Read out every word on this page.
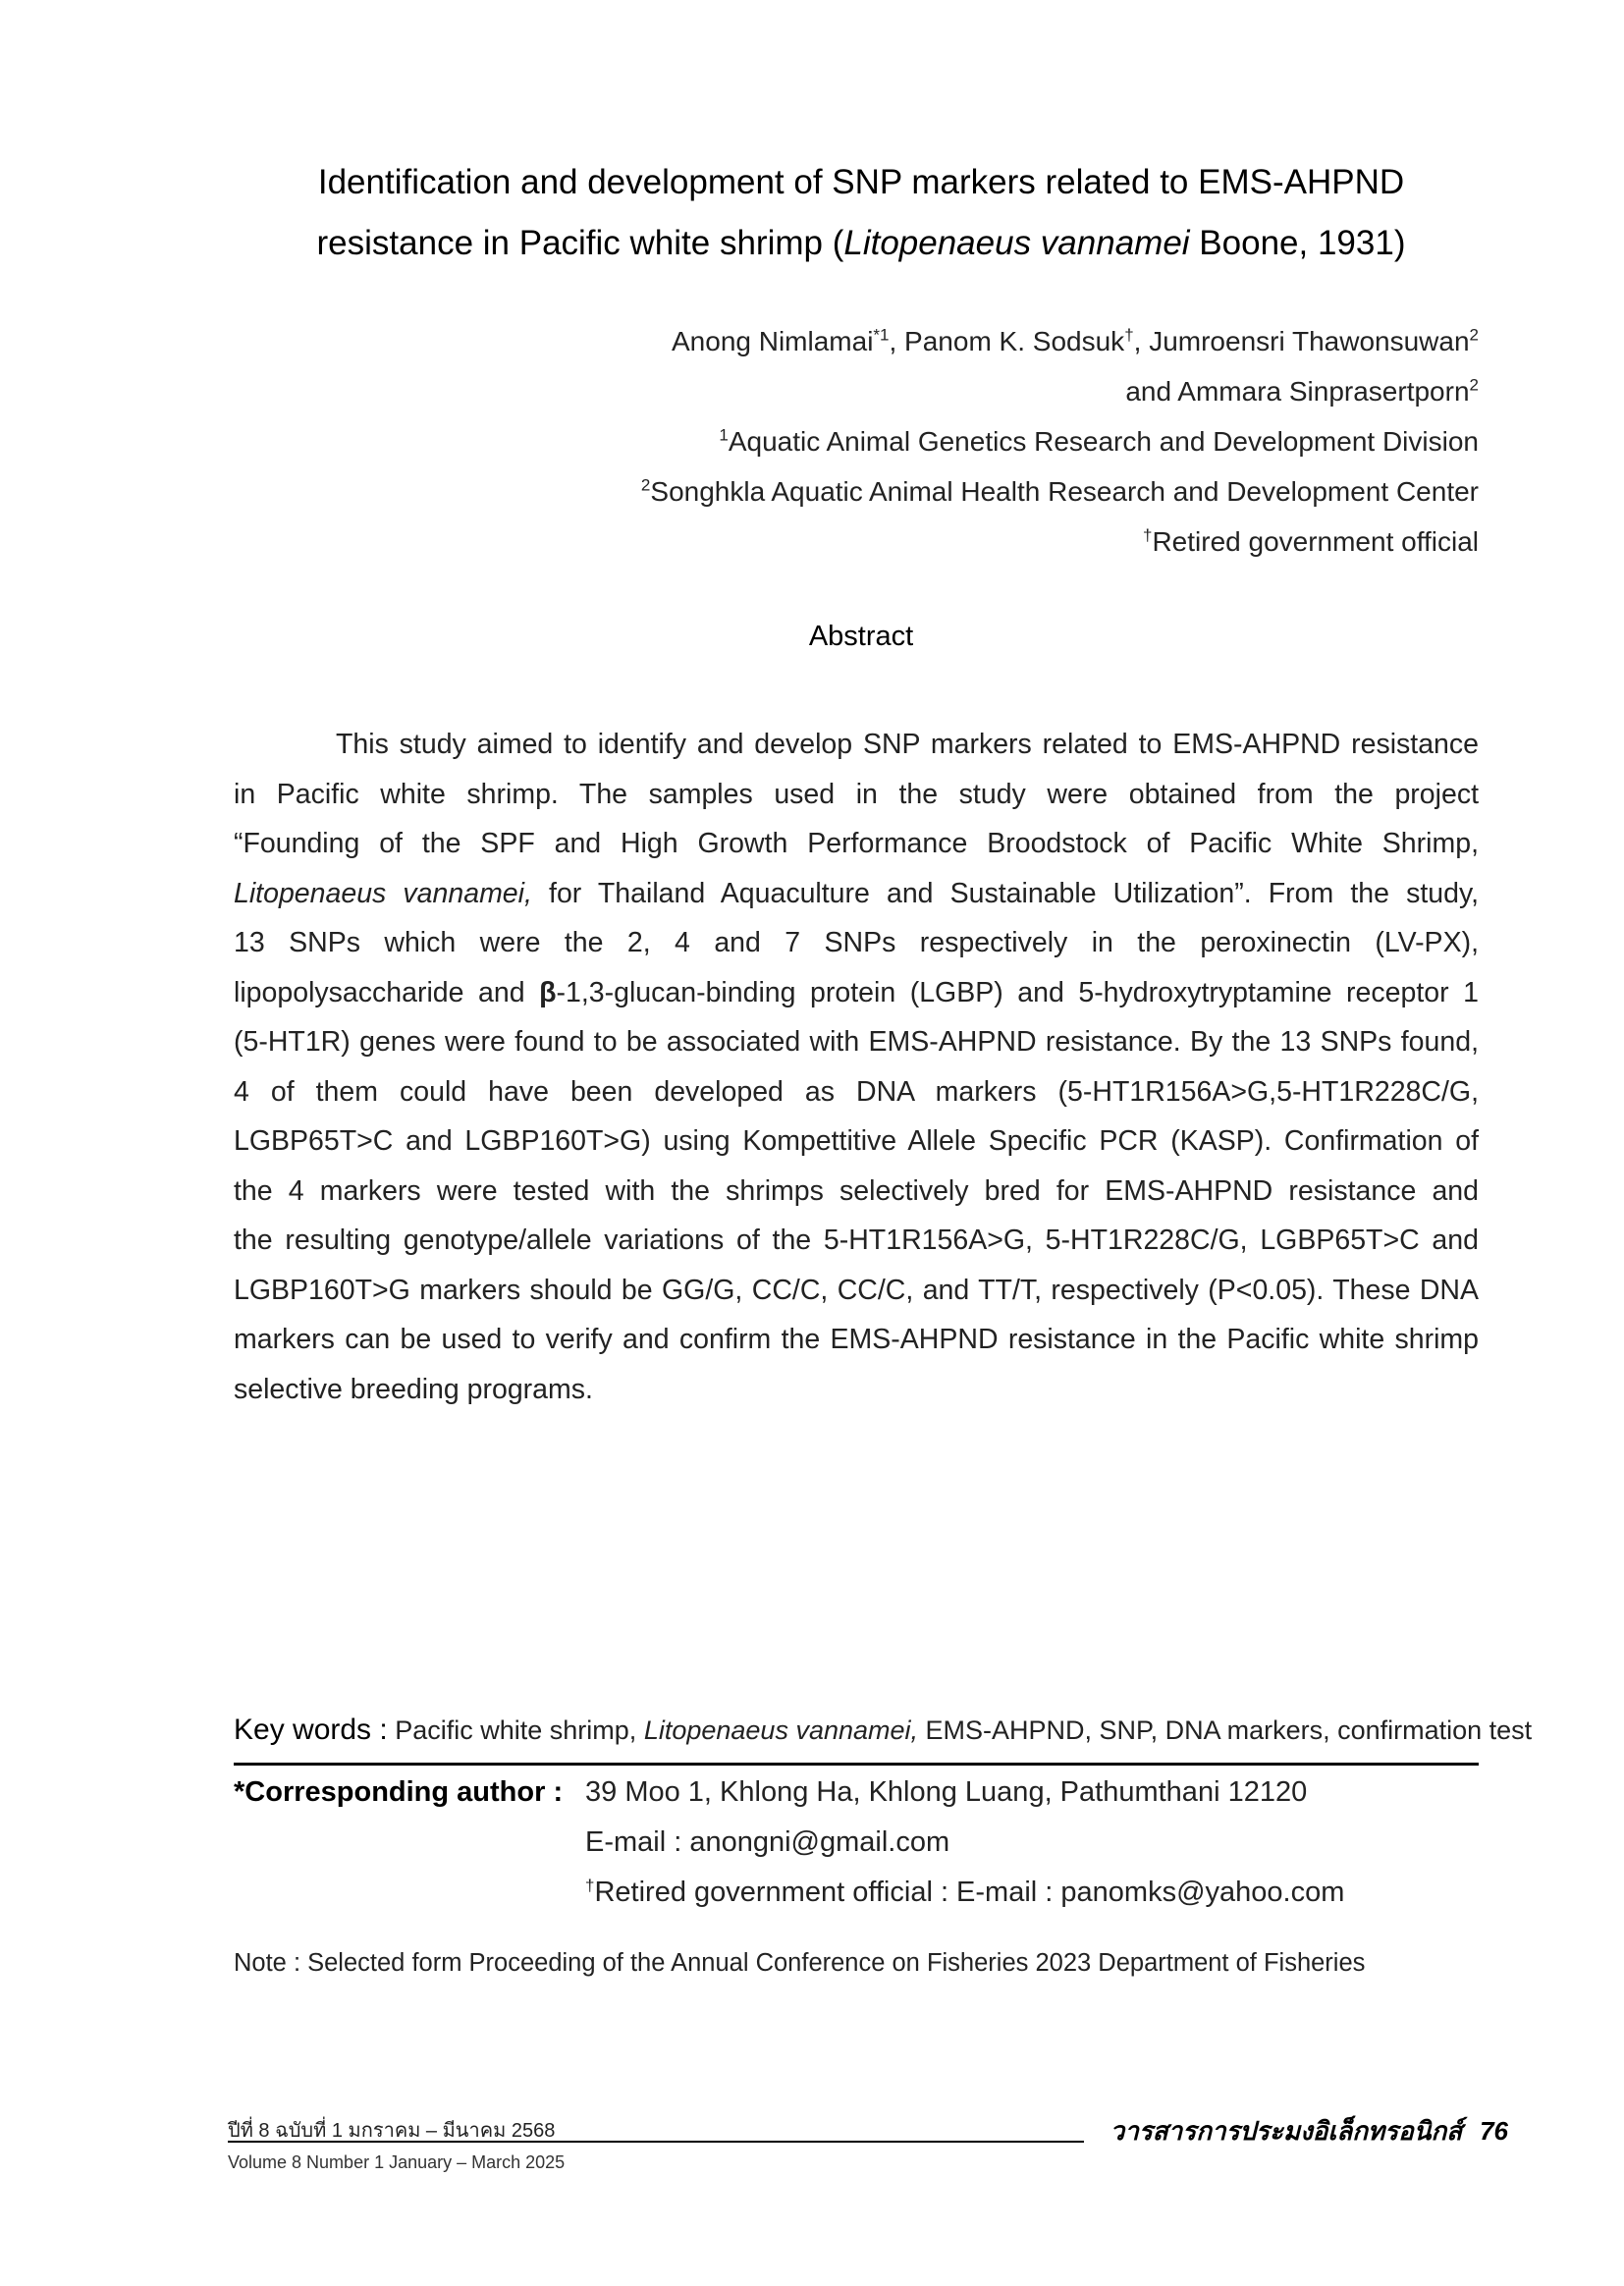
Identification and development of SNP markers related to EMS-AHPND
resistance in Pacific white shrimp (Litopenaeus vannamei Boone, 1931)
Anong Nimlamai$^{*1}$, Panom K. Sodsuk†, Jumroensri Thawonsuwan$^2$
and Ammara Sinprasertporn$^2$
$^1$Aquatic Animal Genetics Research and Development Division
$^2$Songhkla Aquatic Animal Health Research and Development Center
†Retired government official
Abstract
This study aimed to identify and develop SNP markers related to EMS-AHPND resistance
in Pacific white shrimp. The samples used in the study were obtained from the project
“Founding of the SPF and High Growth Performance Broodstock of Pacific White Shrimp,
Litopenaeus vannamei, for Thailand Aquaculture and Sustainable Utilization”. From the study,
13 SNPs which were the 2, 4 and 7 SNPs respectively in the peroxinectin (LV-PX),
lipopolysaccharide and β-1,3-glucan-binding protein (LGBP) and 5-hydroxytryptamine receptor 1
(5-HT1R) genes were found to be associated with EMS-AHPND resistance. By the 13 SNPs found,
4 of them could have been developed as DNA markers (5-HT1R156A>G,5-HT1R228C/G,
LGBP65T>C and LGBP160T>G) using Kompettitive Allele Specific PCR (KASP). Confirmation of
the 4 markers were tested with the shrimps selectively bred for EMS-AHPND resistance and
the resulting genotype/allele variations of the 5-HT1R156A>G, 5-HT1R228C/G, LGBP65T>C and
LGBP160T>G markers should be GG/G, CC/C, CC/C, and TT/T, respectively (P<0.05). These DNA
markers can be used to verify and confirm the EMS-AHPND resistance in the Pacific white shrimp
selective breeding programs.
Key words : Pacific white shrimp, Litopenaeus vannamei, EMS-AHPND, SNP, DNA markers, confirmation test
*Corresponding author : 39 Moo 1, Khlong Ha, Khlong Luang, Pathumthani 12120
E-mail : anongni@gmail.com
†Retired government official : E-mail : panomks@yahoo.com
Note : Selected form Proceeding of the Annual Conference on Fisheries 2023 Department of Fisheries
ปีที่ 8 ฉบับที่ 1 มกราคม – มีนาคม 2568
Volume 8 Number 1 January – March 2025
วารสารการประมงอิเล็กทรอนิกส์ 76
